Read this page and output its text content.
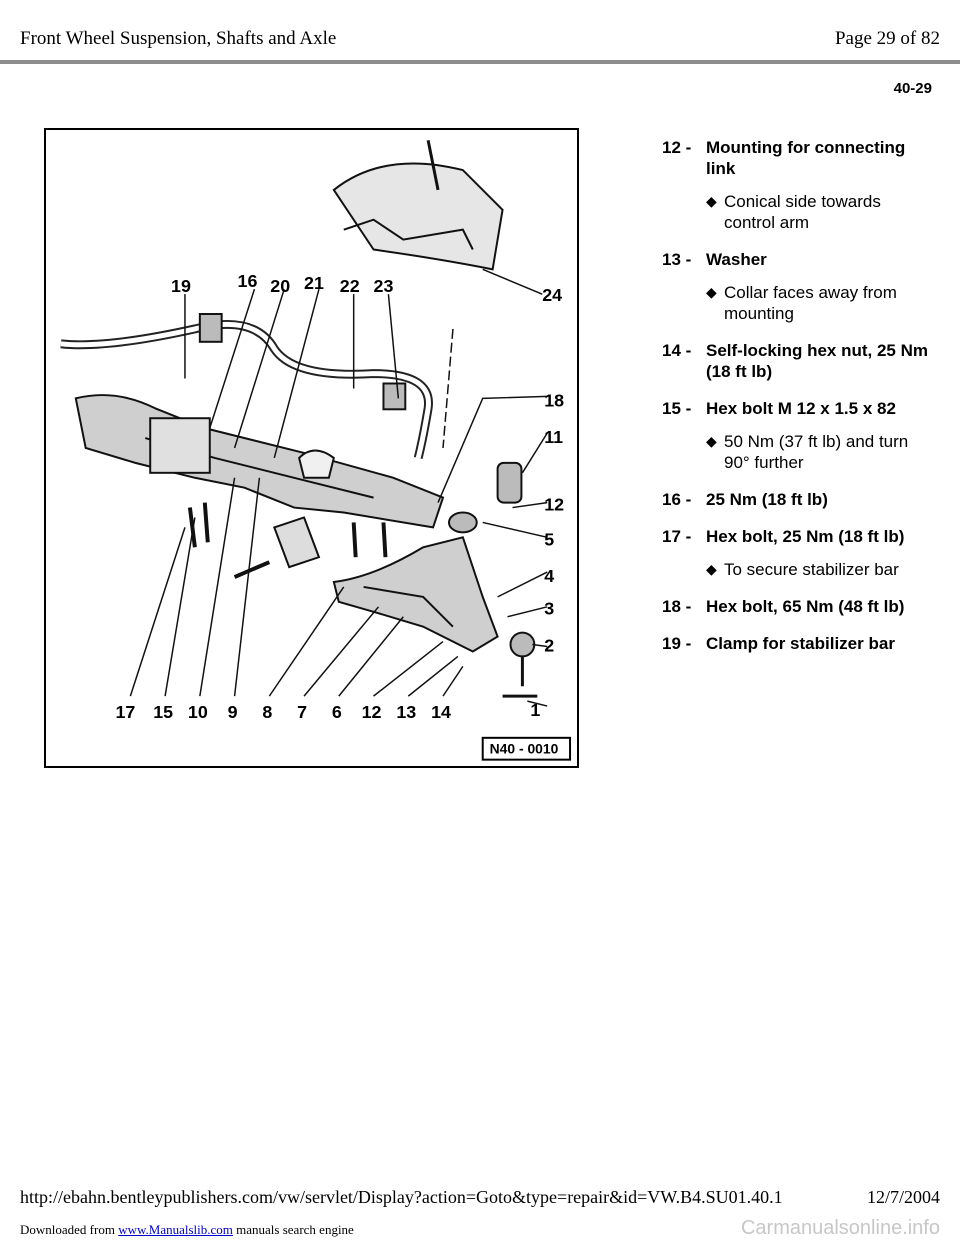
Front Wheel Suspension, Shafts and Axle	Page 29 of 82
40-29
19	16 20 21 22 23	24
18
11
12
5
4
3
2
1
17 15 10 9 8 7 6 12 13 14
N40 - 0010
12 - Mounting for connecting link
◆ Conical side towards control arm
13 - Washer
◆ Collar faces away from mounting
14 - Self-locking hex nut, 25 Nm (18 ft lb)
15 - Hex bolt M 12 x 1.5 x 82
◆ 50 Nm (37 ft lb) and turn 90° further
16 - 25 Nm (18 ft lb)
17 - Hex bolt, 25 Nm (18 ft lb)
◆ To secure stabilizer bar
18 - Hex bolt, 65 Nm (48 ft lb)
19 - Clamp for stabilizer bar
http://ebahn.bentleypublishers.com/vw/servlet/Display?action=Goto&type=repair&id=VW.B4.SU01.40.1	12/7/2004
Downloaded from www.Manualslib.com manuals search engine	Carmanualsonline.info
